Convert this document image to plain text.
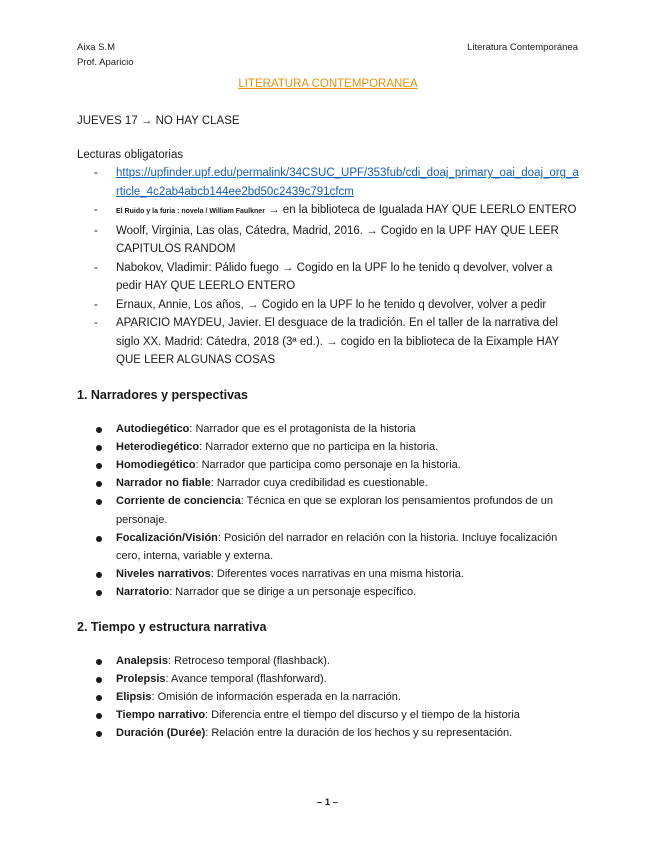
Aixa S.M
Prof. Aparicio
Literatura Contemporánea
LITERATURA CONTEMPORANEA

JUEVES 17 → NO HAY CLASE

Lecturas obligatorias

- https://upfinder.upf.edu/permalink/34CSUC_UPF/353fub/cdi_doaj_primary_oai_doaj_org_article_4c2ab4abcb144ee2bd50c2439c791cfcm
-	El Ruido y la furia : novela / William Faulkner → en la biblioteca de Igualada HAY QUE LEERLO ENTERO
- Woolf, Virginia, Las olas, Cátedra, Madrid, 2016. → Cogido en la UPF HAY QUE LEER CAPITULOS RANDOM
- Nabokov, Vladimir: Pálido fuego → Cogido en la UPF lo he tenido q devolver, volver a pedir HAY QUE LEERLO ENTERO
- Ernaux, Annie, Los años, → Cogido en la UPF lo he tenido q devolver, volver a pedir
- APARICIO MAYDEU, Javier. El desguace de la tradición. En el taller de la narrativa del siglo XX. Madrid: Cátedra, 2018 (3ª ed.). → cogido en la biblioteca de la Eixample HAY QUE LEER ALGUNAS COSAS
1. Narradores y perspectivas
Autodiegético: Narrador que es el protagonista de la historia
Heterodiegético: Narrador externo que no participa en la historia.
Homodiegético: Narrador que participa como personaje en la historia.
Narrador no fiable: Narrador cuya credibilidad es cuestionable.
Corriente de conciencia: Técnica en que se exploran los pensamientos profundos de un personaje.
Focalización/Visión: Posición del narrador en relación con la historia. Incluye focalización cero, interna, variable y externa.
Niveles narrativos: Diferentes voces narrativas en una misma historia.
Narratorio: Narrador que se dirige a un personaje específico.
2. Tiempo y estructura narrativa
Analepsis: Retroceso temporal (flashback).
Prolepsis: Avance temporal (flashforward).
Elipsis: Omisión de información esperada en la narración.
Tiempo narrativo: Diferencia entre el tiempo del discurso y el tiempo de la historia
Duración (Durée): Relación entre la duración de los hechos y su representación.
– 1 –
